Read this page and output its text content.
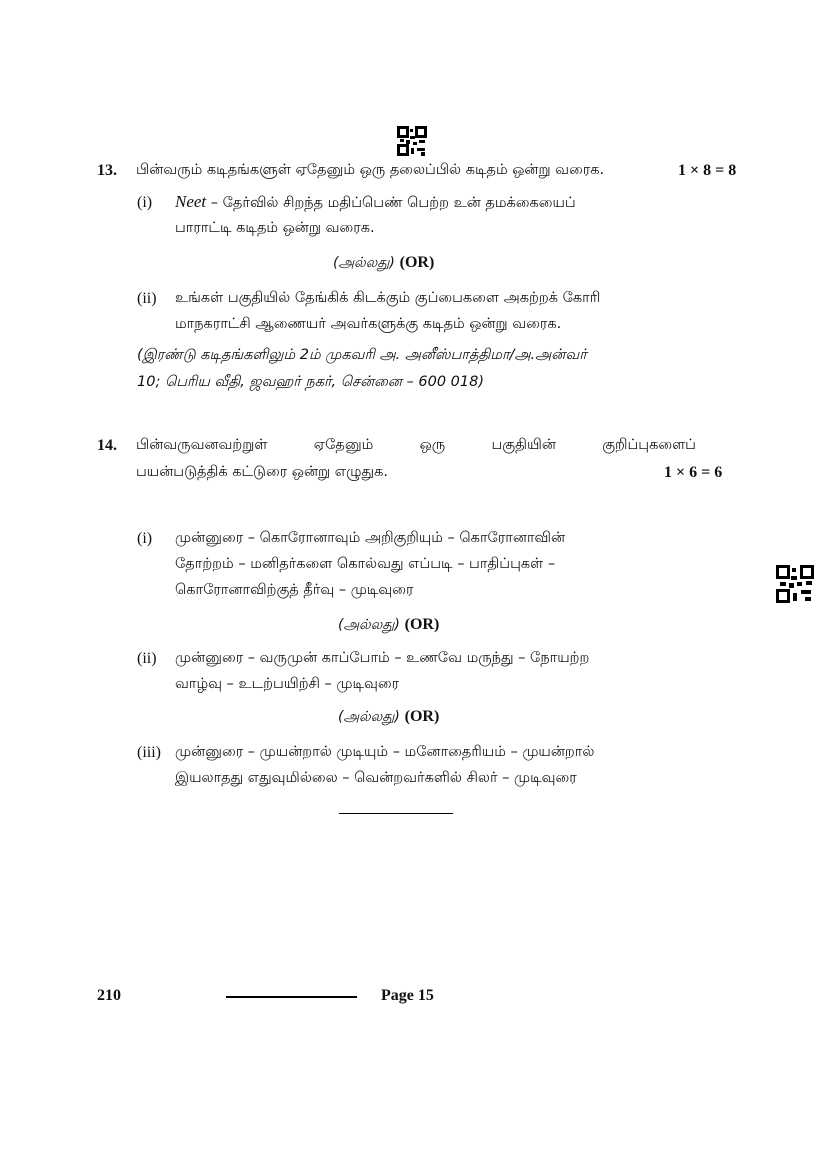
13. பின்வரும் கடிதங்களுள் ஏதேனும் ஒரு தலைப்பில் கடிதம் ஒன்று வரைக.	1 × 8 = 8
(i) Neet – தேர்வில் சிறந்த மதிப்பெண் பெற்ற உன் தமக்கையைப்
பாராட்டி கடிதம் ஒன்று வரைக.
(அல்லது) (OR)
(ii) உங்கள் பகுதியில் தேங்கிக் கிடக்கும் குப்பைகளை அகற்றக் கோரி
மாநகராட்சி ஆணையர் அவர்களுக்கு கடிதம் ஒன்று வரைக.
(இரண்டு கடிதங்களிலும் 2ம் முகவரி அ. அனீஸ்பாத்திமா/அ.அன்வர்
10; பெரிய வீதி, ஜவஹர் நகர், சென்னை – 600 018)
14. பின்வருவனவற்றுள்	ஏதேனும்	ஒரு	பகுதியின்	குறிப்புகளைப்
பயன்படுத்திக் கட்டுரை ஒன்று எழுதுக.	1 × 6 = 6
(i) முன்னுரை – கொரோனாவும் அறிகுறியும் – கொரோனாவின்
தோற்றம் – மனிதர்களை கொல்வது எப்படி – பாதிப்புகள் –
கொரோனாவிற்குத் தீர்வு – முடிவுரை
(அல்லது) (OR)
(ii) முன்னுரை – வருமுன் காப்போம் – உணவே மருந்து – நோயற்ற
வாழ்வு – உடற்பயிற்சி – முடிவுரை
(அல்லது) (OR)
(iii) முன்னுரை – முயன்றால் முடியும் – மனோதைரியம் – முயன்றால்
இயலாதது எதுவுமில்லை – வென்றவர்களில் சிலர் – முடிவுரை
210	Page 15
